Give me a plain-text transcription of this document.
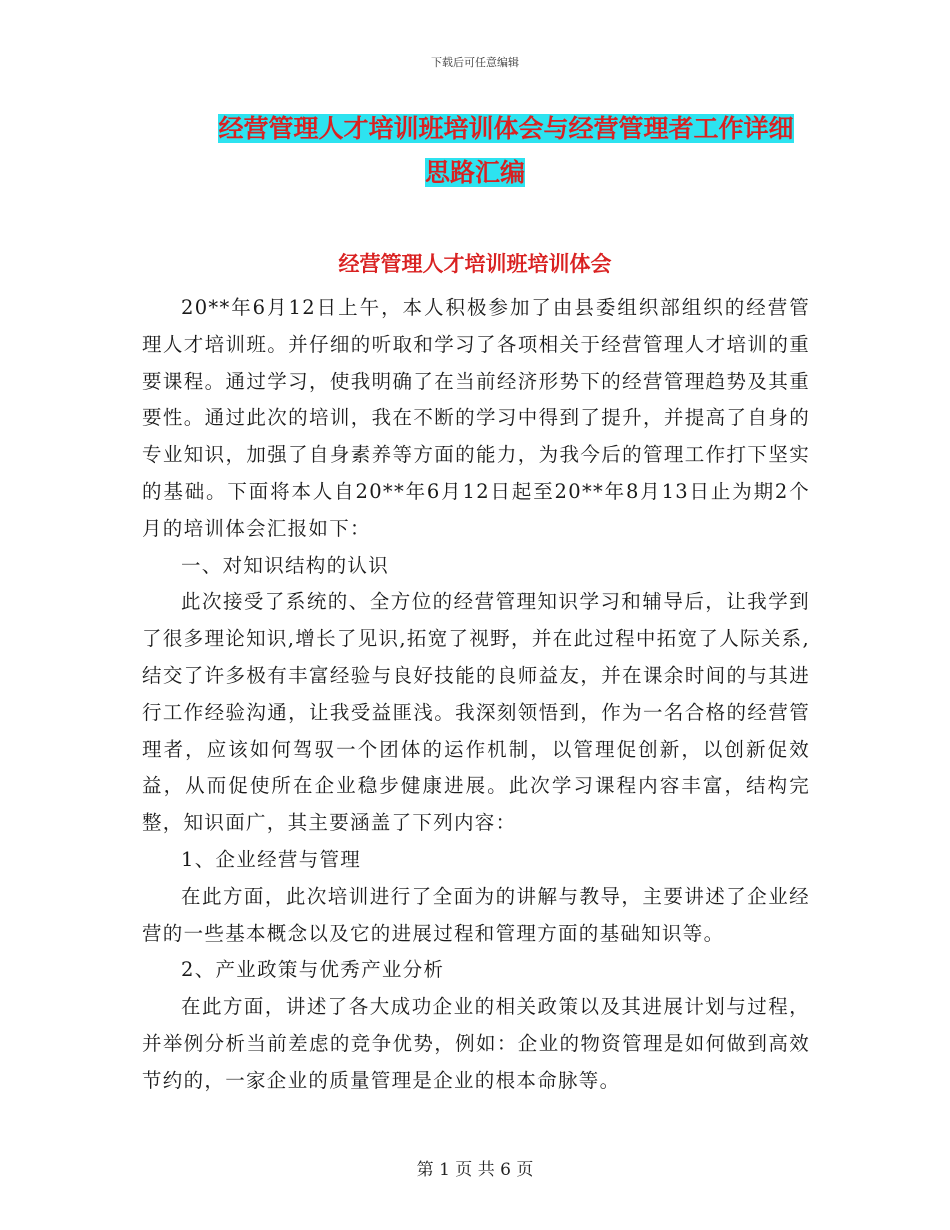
下载后可任意编辑
经营管理人才培训班培训体会与经营管理者工作详细
思路汇编
经营管理人才培训班培训体会

20**年6月12日上午，本人积极参加了由县委组织部组织的经营管理人才培训班。并仔细的听取和学习了各项相关于经营管理人才培训的重要课程。通过学习，使我明确了在当前经济形势下的经营管理趋势及其重要性。通过此次的培训，我在不断的学习中得到了提升，并提高了自身的专业知识，加强了自身素养等方面的能力，为我今后的管理工作打下坚实的基础。下面将本人自20**年6月12日起至20**年8月13日止为期2个月的培训体会汇报如下：

一、对知识结构的认识

此次接受了系统的、全方位的经营管理知识学习和辅导后，让我学到了很多理论知识,增长了见识,拓宽了视野，并在此过程中拓宽了人际关系,结交了许多极有丰富经验与良好技能的良师益友，并在课余时间的与其进行工作经验沟通，让我受益匪浅。我深刻领悟到，作为一名合格的经营管理者，应该如何驾驭一个团体的运作机制，以管理促创新，以创新促效益，从而促使所在企业稳步健康进展。此次学习课程内容丰富，结构完整，知识面广，其主要涵盖了下列内容：

1、企业经营与管理

在此方面，此次培训进行了全面为的讲解与教导，主要讲述了企业经营的一些基本概念以及它的进展过程和管理方面的基础知识等。

2、产业政策与优秀产业分析

在此方面，讲述了各大成功企业的相关政策以及其进展计划与过程，并举例分析当前差虑的竞争优势，例如：企业的物资管理是如何做到高效节约的，一家企业的质量管理是企业的根本命脉等。

第 1 页 共 6 页
